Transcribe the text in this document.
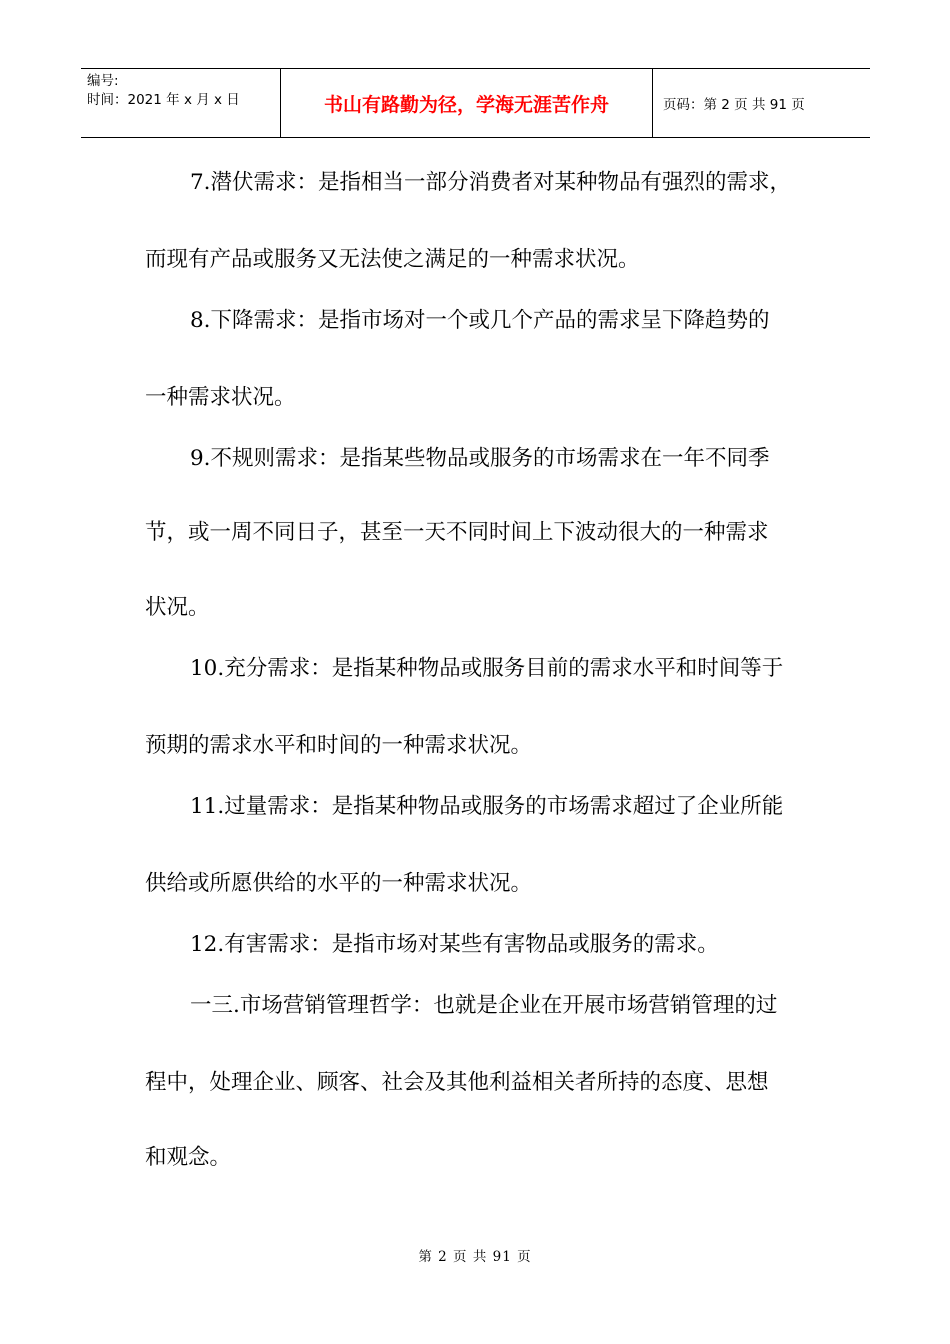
编号:
时间：2021 年 x 月 x 日	书山有路勤为径，学海无涯苦作舟	页码：第 2 页 共 91 页
7.潜伏需求：是指相当一部分消费者对某种物品有强烈的需求，
而现有产品或服务又无法使之满足的一种需求状况。
8.下降需求：是指市场对一个或几个产品的需求呈下降趋势的
一种需求状况。
9.不规则需求：是指某些物品或服务的市场需求在一年不同季
节，或一周不同日子，甚至一天不同时间上下波动很大的一种需求
状况。
10.充分需求：是指某种物品或服务目前的需求水平和时间等于
预期的需求水平和时间的一种需求状况。
11.过量需求：是指某种物品或服务的市场需求超过了企业所能
供给或所愿供给的水平的一种需求状况。
12.有害需求：是指市场对某些有害物品或服务的需求。
一三.市场营销管理哲学：也就是企业在开展市场营销管理的过
程中，处理企业、顾客、社会及其他利益相关者所持的态度、思想
和观念。
第 2 页 共 91 页
